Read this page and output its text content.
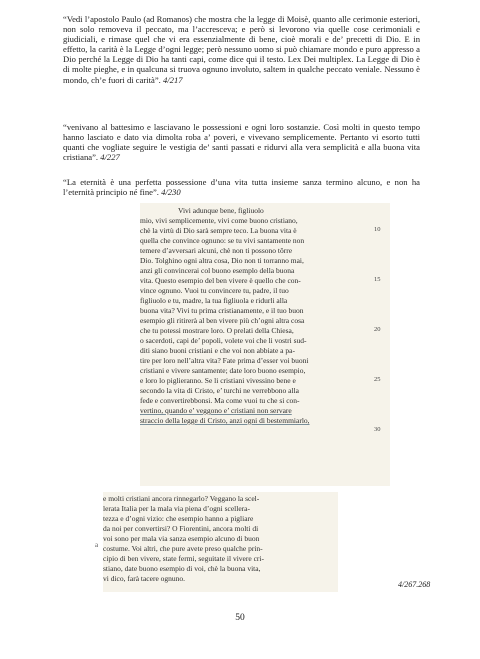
“Vedi l’apostolo Paulo (ad Romanos) che mostra che la legge di Moisè, quanto alle cerimonie esteriori, non solo removeva il peccato, ma l’accresceva; e però si levorono via quelle cose cerimoniali e giudiciali, e rimase quel che vi era essenzialmente di bene, cioè morali e de’ precetti di Dio. E in effetto, la carità è la Legge d’ogni legge; però nessuno uomo si può chiamare mondo e puro appresso a Dio perché la Legge di Dio ha tanti capi, come dice qui il testo. Lex Dei multiplex. La Legge di Dio è di molte pieghe, e in qualcuna si truova ognuno involuto, saltem in qualche peccato veniale. Nessuno è mondo, ch’e fuori di carità”. 4/217

“venivano al battesimo e lasciavano le possessioni e ogni loro sostanzie. Così molti in questo tempo hanno lasciato e dato via dimolta roba a’ poveri, e vivevano semplicemente. Pertanto vi esorto tutti quanti che vogliate seguire le vestigia de’ santi passati e ridurvi alla vera semplicità e alla buona vita cristiana”. 4/227

“La eternità è una perfetta possessione d’una vita tutta insieme sanza termino alcuno, e non ha l’eternità principio né fine”. 4/230

Vivi adunque bene, figliuolo
mio, vivi semplicemente, vivi come buono cristiano,
chè la virtù di Dio sarà sempre teco. La buona vita è
quella che convince ognuno: se tu vivi santamente non
temere d’avversari alcuni, chè non ti possono tôrre
Dio. Tolghino ogni altra cosa, Dio non ti torranno mai,
anzi gli convincerai col buono esemplo della buona
vita. Questo esempio del ben vivere è quello che con-
vince ognuno. Vuoi tu convincere tu, padre, il tuo
figliuolo e tu, madre, la tua figliuola e ridurli alla
buona vita? Vivi tu prima cristianamente, e il tuo buon
esempio gli ritirerà al ben vivere più ch’ogni altra cosa
che tu potessi mostrare loro. O prelati della Chiesa,
o sacerdoti, capi de’ popoli, volete voi che li vostri sud-
diti siano buoni cristiani e che voi non abbiate a pa-
tire per loro nell’altra vita? Fate prima d’esser voi buoni
cristiani e vivere santamente; date loro buono esempio,
e loro lo piglieranno. Se li cristiani vivessino bene e
secondo la vita di Cristo, e’ turchi ne verrebbono alla
fede e convertirebbonsi. Ma come vuoi tu che si con-
vertino, quando e’ veggono e’ cristiani non servare
straccio della legge di Cristo, anzi ogni di bestemmiarlo,
10
15
20
25
30
e molti cristiani ancora rinnegarlo? Veggano la scel-
lerata Italia per la mala via piena d’ogni scellera-
tezza e d’ogni vizio: che esempio hanno a pigliare
da noi per convertirsi? O Fiorentini, ancora molti di
voi sono per mala via sanza esempio alcuno di buon
costume. Voi altri, che pure avete preso qualche prin-
cipio di ben vivere, state fermi, seguitate il vivere cri-
stiano, date buono esempio di voi, chè la buona vita,
vi dico, farà tacere ognuno.
a
4/267.268
50
